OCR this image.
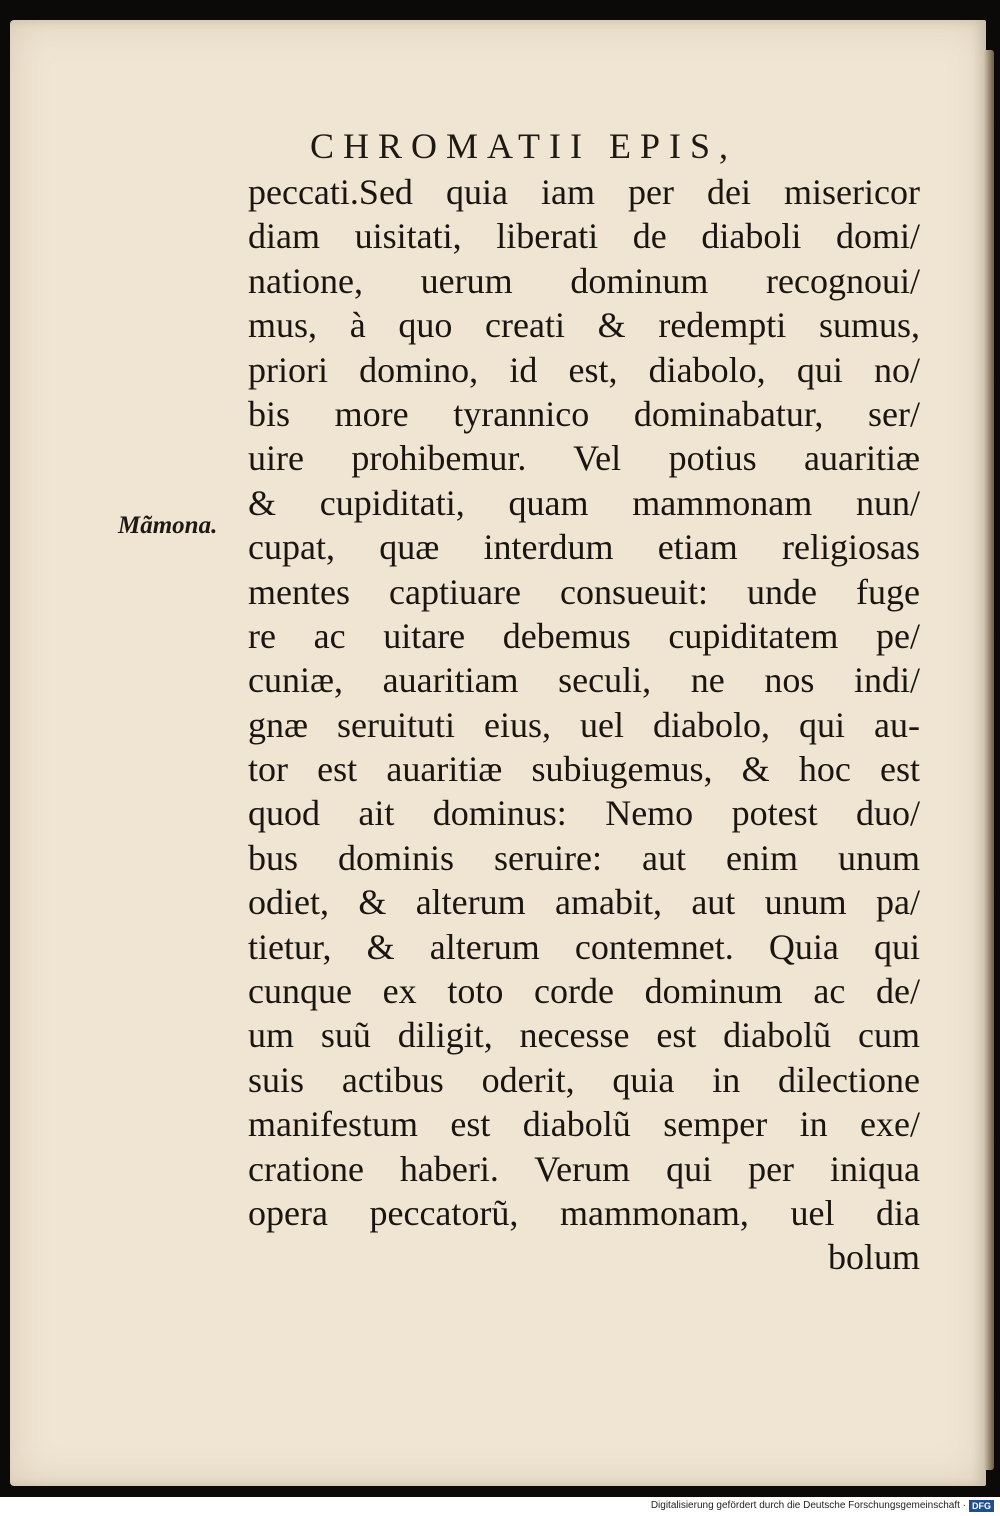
CHROMATII EPIS,
Mãmona.
peccati.Sed quia iam per dei misericor
diam uisitati, liberati de diaboli domi/
natione, uerum dominum recognoui/
mus, à quo creati & redempti sumus,
priori domino, id est, diabolo, qui no/
bis more tyrannico dominabatur, ser/
uire prohibemur. Vel potius auaritiæ
& cupiditati, quam mammonam nun/
cupat, quæ interdum etiam religiosas
mentes captiuare consueuit: unde fuge
re ac uitare debemus cupiditatem pe/
cuniæ, auaritiam seculi, ne nos indi/
gnæ seruituti eius, uel diabolo, qui au-
tor est auaritiæ subiugemus, & hoc est
quod ait dominus: Nemo potest duo/
bus dominis seruire: aut enim unum
odiet, & alterum amabit, aut unum pa/
tietur, & alterum contemnet. Quia qui
cunque ex toto corde dominum ac de/
um suũ diligit, necesse est diabolũ cum
suis actibus oderit, quia in dilectione
manifestum est diabolũ semper in exe/
cratione haberi. Verum qui per iniqua
opera peccatorũ, mammonam, uel dia
bolum
Digitalisierung gefördert durch die Deutsche Forschungsgemeinschaft · DFG
